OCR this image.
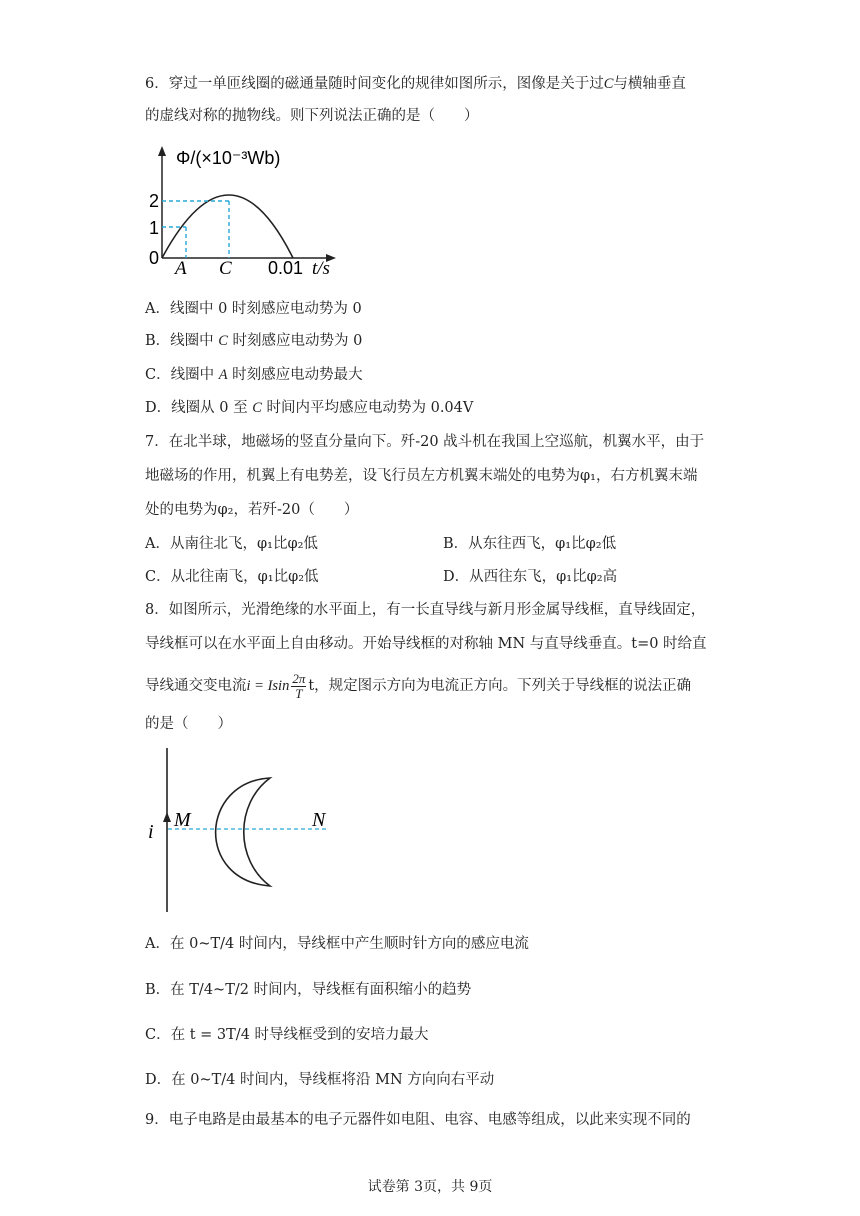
6．穿过一单匝线圈的磁通量随时间变化的规律如图所示，图像是关于过C与横轴垂直
的虚线对称的抛物线。则下列说法正确的是（　　）
Φ/(×10⁻³Wb)
0
1
2
A C 0.01 t/s
A．线圈中 0 时刻感应电动势为 0
B．线圈中 C 时刻感应电动势为 0
C．线圈中 A 时刻感应电动势最大
D．线圈从 0 至 C 时间内平均感应电动势为 0.04V
7．在北半球，地磁场的竖直分量向下。歼-20 战斗机在我国上空巡航，机翼水平，由于
地磁场的作用，机翼上有电势差，设飞行员左方机翼末端处的电势为φ₁，右方机翼末端
处的电势为φ₂，若歼-20（　　）
A．从南往北飞，φ₁比φ₂低	B．从东往西飞，φ₁比φ₂低
C．从北往南飞，φ₁比φ₂低	D．从西往东飞，φ₁比φ₂高
8．如图所示，光滑绝缘的水平面上，有一长直导线与新月形金属导线框，直导线固定，
导线框可以在水平面上自由移动。开始导线框的对称轴 MN 与直导线垂直。t=0 时给直
导线通交变电流i = Isin $\frac{2\pi}{T}$ t，规定图示方向为电流正方向。下列关于导线框的说法正确
的是（　　）
i
M	N
A．在 0~T/4 时间内，导线框中产生顺时针方向的感应电流
B．在 T/4~T/2 时间内，导线框有面积缩小的趋势
C．在 t = 3T/4 时导线框受到的安培力最大
D．在 0~T/4 时间内，导线框将沿 MN 方向向右平动
9．电子电路是由最基本的电子元器件如电阻、电容、电感等组成，以此来实现不同的
试卷第 3页，共 9页
